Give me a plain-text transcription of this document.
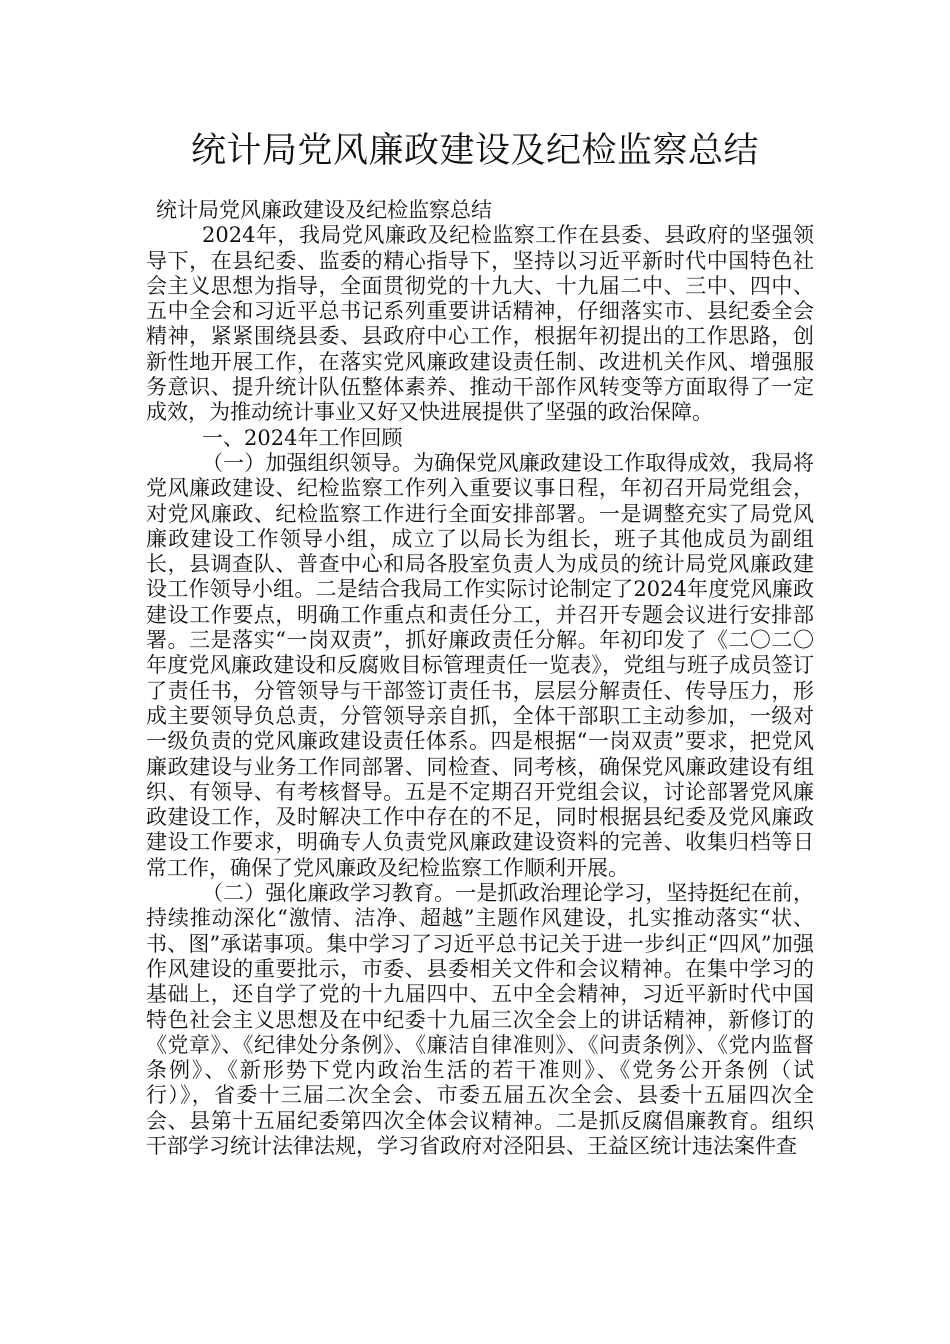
统计局党风廉政建设及纪检监察总结

统计局党风廉政建设及纪检监察总结

2024年，我局党风廉政及纪检监察工作在县委、县政府的坚强领导下，在县纪委、监委的精心指导下，坚持以习近平新时代中国特色社会主义思想为指导，全面贯彻党的十九大、十九届二中、三中、四中、五中全会和习近平总书记系列重要讲话精神，仔细落实市、县纪委全会精神，紧紧围绕县委、县政府中心工作，根据年初提出的工作思路，创新性地开展工作，在落实党风廉政建设责任制、改进机关作风、增强服务意识、提升统计队伍整体素养、推动干部作风转变等方面取得了一定成效，为推动统计事业又好又快进展提供了坚强的政治保障。

一、2024年工作回顾

（一）加强组织领导。为确保党风廉政建设工作取得成效，我局将党风廉政建设、纪检监察工作列入重要议事日程，年初召开局党组会，对党风廉政、纪检监察工作进行全面安排部署。一是调整充实了局党风廉政建设工作领导小组，成立了以局长为组长，班子其他成员为副组长，县调查队、普查中心和局各股室负责人为成员的统计局党风廉政建设工作领导小组。二是结合我局工作实际讨论制定了2024年度党风廉政建设工作要点，明确工作重点和责任分工，并召开专题会议进行安排部署。三是落实“一岗双责”，抓好廉政责任分解。年初印发了《二〇二〇年度党风廉政建设和反腐败目标管理责任一览表》，党组与班子成员签订了责任书，分管领导与干部签订责任书，层层分解责任、传导压力，形成主要领导负总责，分管领导亲自抓，全体干部职工主动参加，一级对一级负责的党风廉政建设责任体系。四是根据“一岗双责”要求，把党风廉政建设与业务工作同部署、同检查、同考核，确保党风廉政建设有组织、有领导、有考核督导。五是不定期召开党组会议，讨论部署党风廉政建设工作，及时解决工作中存在的不足，同时根据县纪委及党风廉政建设工作要求，明确专人负责党风廉政建设资料的完善、收集归档等日常工作，确保了党风廉政及纪检监察工作顺利开展。

（二）强化廉政学习教育。一是抓政治理论学习，坚持挺纪在前，持续推动深化“激情、洁净、超越”主题作风建设，扎实推动落实“状、书、图”承诺事项。集中学习了习近平总书记关于进一步纠正“四风”加强作风建设的重要批示，市委、县委相关文件和会议精神。在集中学习的基础上，还自学了党的十九届四中、五中全会精神，习近平新时代中国特色社会主义思想及在中纪委十九届三次全会上的讲话精神，新修订的《党章》、《纪律处分条例》、《廉洁自律准则》、《问责条例》、《党内监督条例》、《新形势下党内政治生活的若干准则》、《党务公开条例（试行）》，省委十三届二次全会、市委五届五次全会、县委十五届四次全会、县第十五届纪委第四次全体会议精神。二是抓反腐倡廉教育。组织干部学习统计法律法规，学习省政府对泾阳县、王益区统计违法案件查
